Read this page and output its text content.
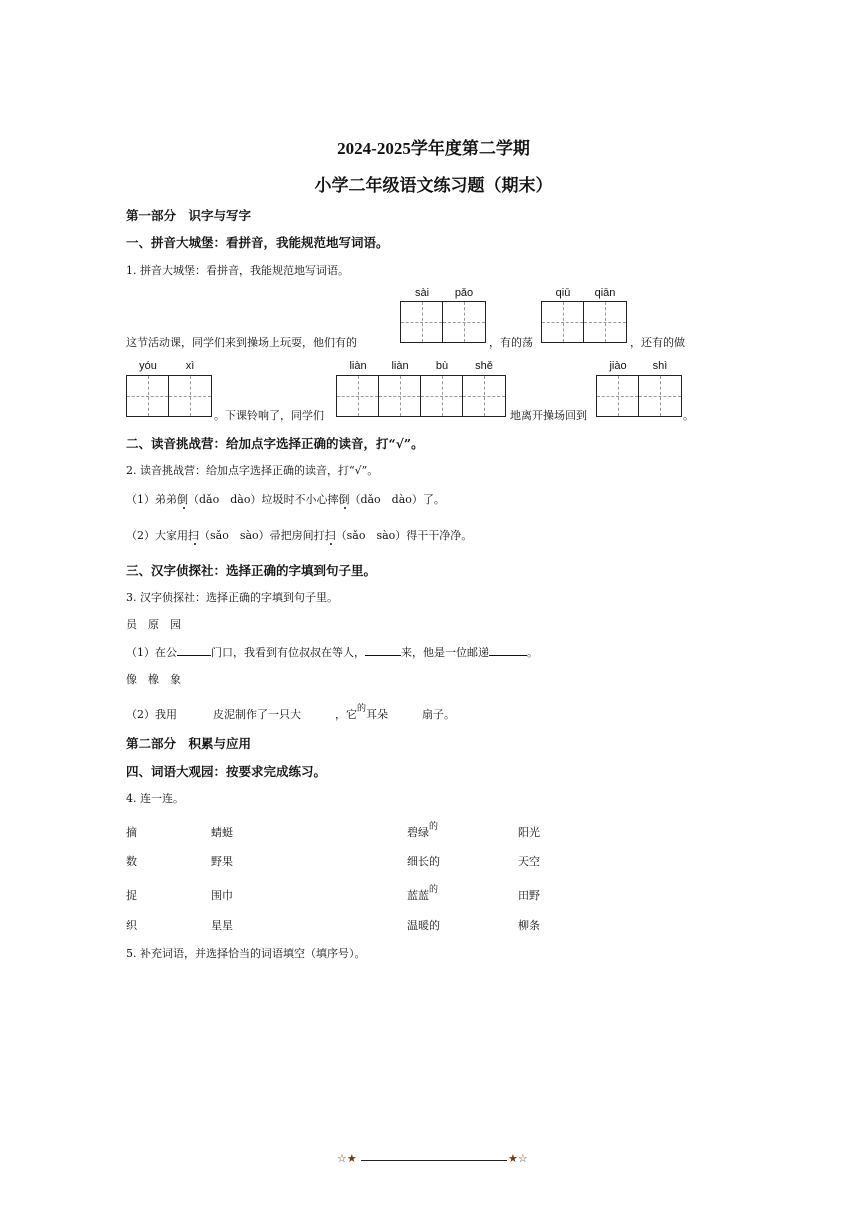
2024-2025学年度第二学期
小学二年级语文练习题（期末）
第一部分　识字与写字
一、拼音大城堡：看拼音，我能规范地写词语。
1. 拼音大城堡：看拼音，我能规范地写词语。
sài	pǎo	qiū	qiān
这节活动课，同学们来到操场上玩耍，他们有的	，有的荡	，还有的做
yóu	xì
。下课铃响了，同学们
liàn	liàn	bù	shě
地离开操场回到
jiào	shì
。
二、读音挑战营：给加点字选择正确的读音，打“√”。
2. 读音挑战营：给加点字选择正确的读音，打“√”。
（1）弟弟倒（dǎo　dào）垃圾时不小心摔倒（dǎo　dào）了。
（2）大家用扫（sǎo　sào）帚把房间打扫（sǎo　sào）得干干净净。
三、汉字侦探社：选择正确的字填到句子里。
3. 汉字侦探社：选择正确的字填到句子里。
员　原　园
（1）在公	门口，我看到有位叔叔在等人，	来，他是一位邮递	。
像　橡　象
（2）我用	皮泥制作了一只大	，它$^的$耳朵	扇子。
第二部分　积累与应用
四、词语大观园：按要求完成练习。
4. 连一连。
摘	蜻蜓	碧绿$^的$	阳光
数	野果	细长的	天空
捉	围巾	蓝蓝$^的$	田野
织	星星	温暖的	柳条
5. 补充词语，并选择恰当的词语填空（填序号）。
☆★	★☆
